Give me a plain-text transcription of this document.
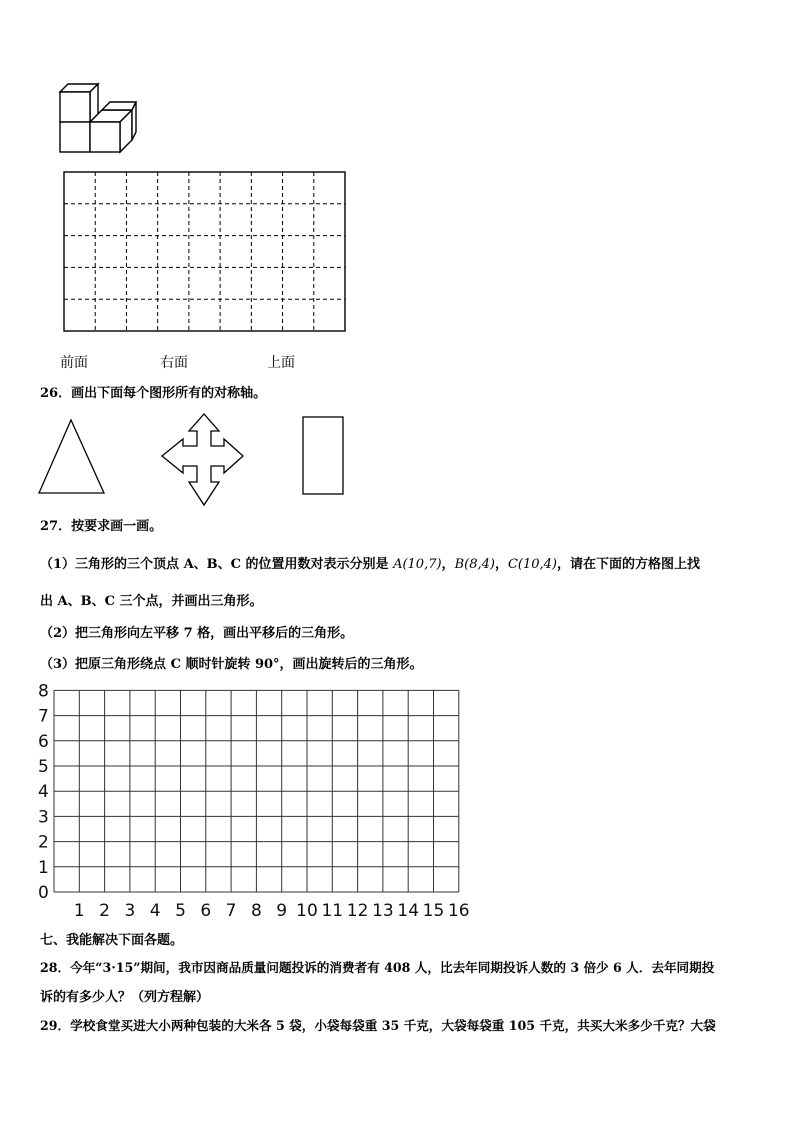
前面	右面	上面
26．画出下面每个图形所有的对称轴。
27．按要求画一画。
（1）三角形的三个顶点 A、B、C 的位置用数对表示分别是 A(10,7)，B(8,4)，C(10,4)，请在下面的方格图上找
出 A、B、C 三个点，并画出三角形。
（2）把三角形向左平移 7 格，画出平移后的三角形。
（3）把原三角形绕点 C 顺时针旋转 90°，画出旋转后的三角形。
0
1
2
3
4
5
6
7
8
1 2 3 4 5 6 7 8 9 10 11 12 13 14 15 16
七、我能解决下面各题。
28．今年“3·15”期间，我市因商品质量问题投诉的消费者有 408 人，比去年同期投诉人数的 3 倍少 6 人．去年同期投
诉的有多少人？（列方程解）
29．学校食堂买进大小两种包装的大米各 5 袋，小袋每袋重 35 千克，大袋每袋重 105 千克，共买大米多少千克？大袋
